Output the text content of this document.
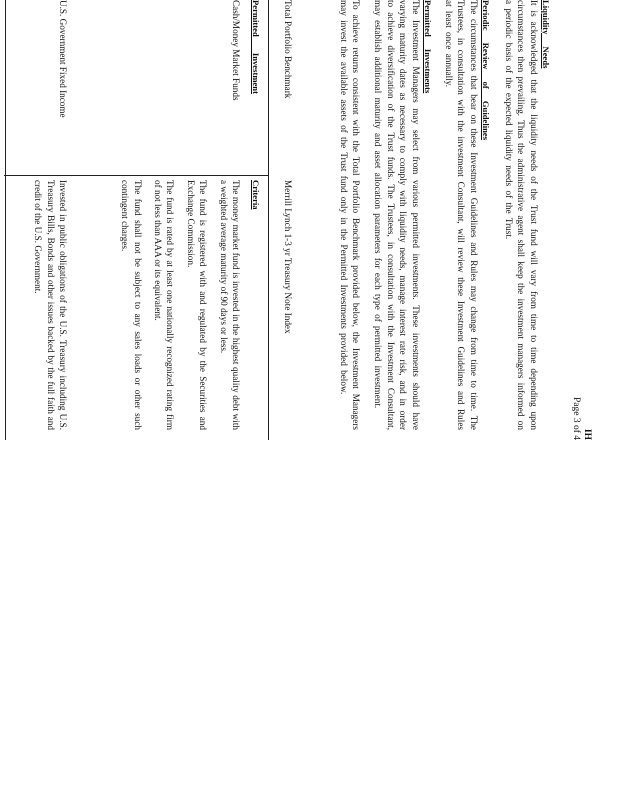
IH
Page 3 of 4
Liquidity Needs

It is acknowledged that the liquidity needs of the Trust fund will vary from time to time depending upon circumstances then prevailing. Thus the administrative agent shall keep the investment managers informed on a periodic basis of the expected liquidity needs of the Trust.

Periodic Review of Guidelines

The circumstances that bear on these Investment Guidelines and Rules may change from time to time. The Trustees, in consultation with the investment Consultant, will review these Investment Guidelines and Rules at least once annually.

Permitted Investments

The Investment Managers may select from various permitted investments. These investments should have varying maturity dates as necessary to comply with liquidity needs, manage interest rate risk, and in order to achieve diversification of the Trust funds. The Trustees, in consultation with the Investment Consultant, may establish additional maturity and asset allocation parameters for each type of permitted investment.

To achieve returns consistent with the Total Portfolio Benchmark provided below, the Investment Managers may invest the available assets of the Trust fund only in the Permitted Investments provided below.

Total Portfolio Benchmark
Merrill Lynch 1-3 yr Treasury Note Index
Permitted Investment
Criteria
Cash/Money Market Funds

The money market fund is invested in the highest quality debt with a weighted average maturity of 90 days or less.

The fund is registered with and regulated by the Securities and Exchange Commission.

The fund is rated by at least one nationally recognized rating firm of not less than AAA or its equivalent.

The fund shall not be subject to any sales loads or other such contingent charges.

U.S. Government Fixed Income

Invested in public obligations of the U.S. Treasury including U.S. Treasury Bills, Bonds and other issues backed by the full faith and credit of the U.S. Government.
